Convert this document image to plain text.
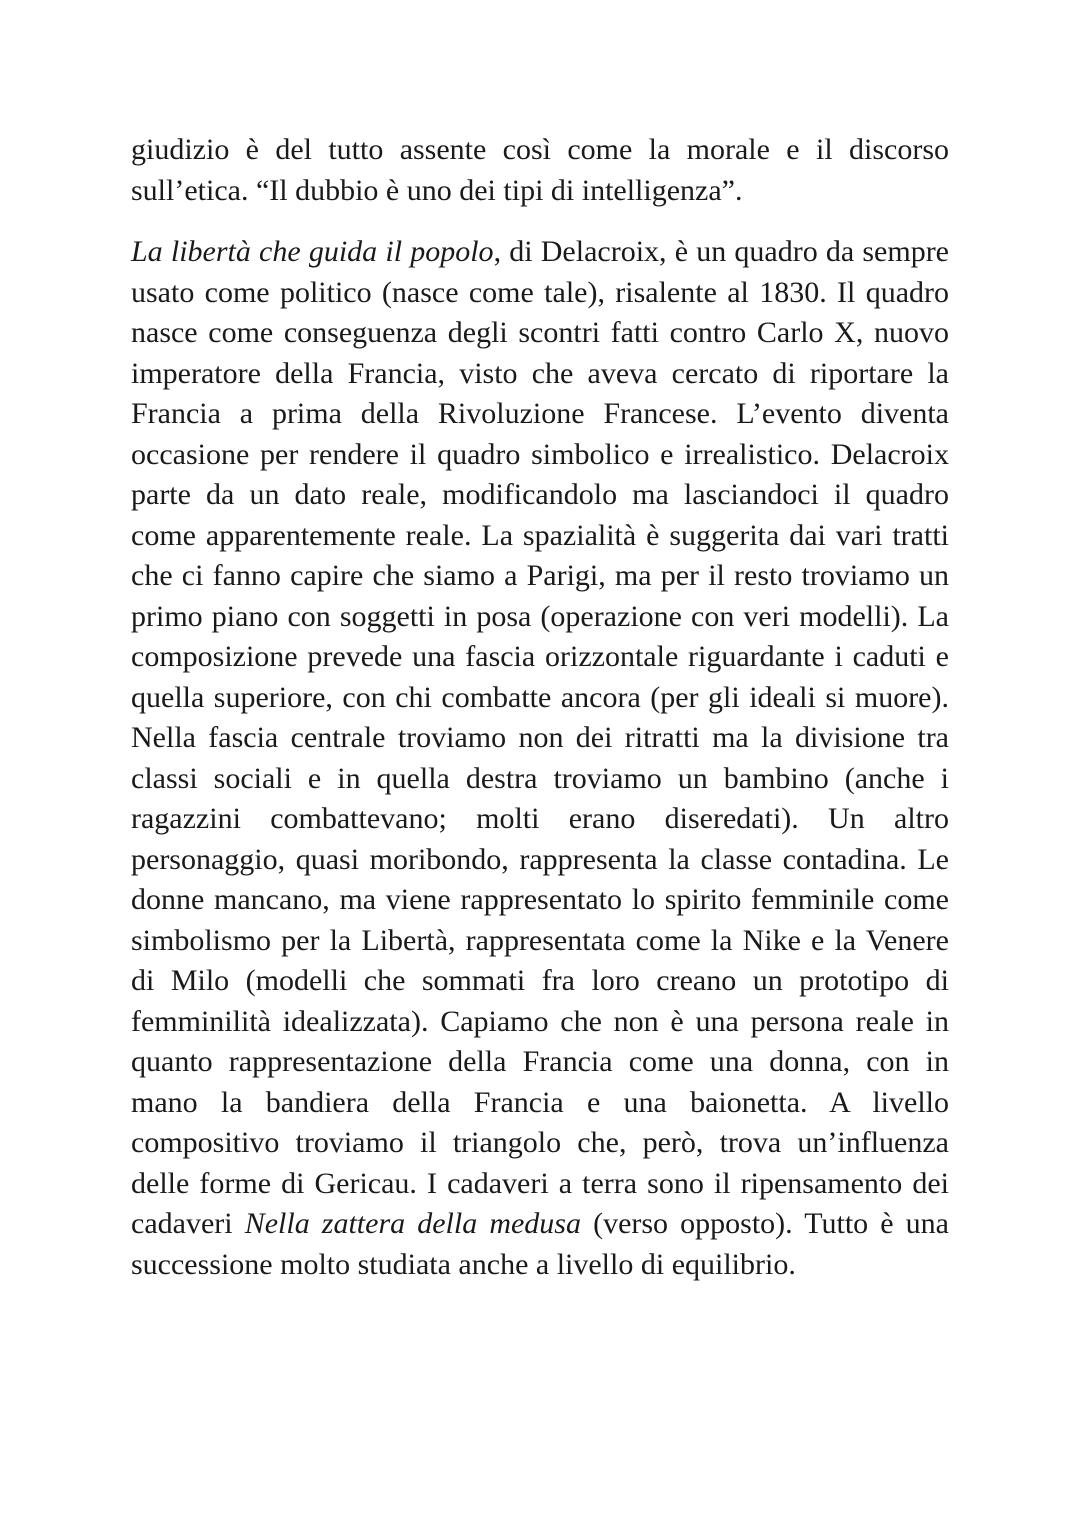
giudizio è del tutto assente così come la morale e il discorso sull’etica. “Il dubbio è uno dei tipi di intelligenza”.

La libertà che guida il popolo, di Delacroix, è un quadro da sempre usato come politico (nasce come tale), risalente al 1830. Il quadro nasce come conseguenza degli scontri fatti contro Carlo X, nuovo imperatore della Francia, visto che aveva cercato di riportare la Francia a prima della Rivoluzione Francese. L’evento diventa occasione per rendere il quadro simbolico e irrealistico. Delacroix parte da un dato reale, modificandolo ma lasciandoci il quadro come apparentemente reale. La spazialità è suggerita dai vari tratti che ci fanno capire che siamo a Parigi, ma per il resto troviamo un primo piano con soggetti in posa (operazione con veri modelli). La composizione prevede una fascia orizzontale riguardante i caduti e quella superiore, con chi combatte ancora (per gli ideali si muore). Nella fascia centrale troviamo non dei ritratti ma la divisione tra classi sociali e in quella destra troviamo un bambino (anche i ragazzini combattevano; molti erano diseredati). Un altro personaggio, quasi moribondo, rappresenta la classe contadina. Le donne mancano, ma viene rappresentato lo spirito femminile come simbolismo per la Libertà, rappresentata come la Nike e la Venere di Milo (modelli che sommati fra loro creano un prototipo di femminilità idealizzata). Capiamo che non è una persona reale in quanto rappresentazione della Francia come una donna, con in mano la bandiera della Francia e una baionetta. A livello compositivo troviamo il triangolo che, però, trova un’influenza delle forme di Gericau. I cadaveri a terra sono il ripensamento dei cadaveri Nella zattera della medusa (verso opposto). Tutto è una successione molto studiata anche a livello di equilibrio.
